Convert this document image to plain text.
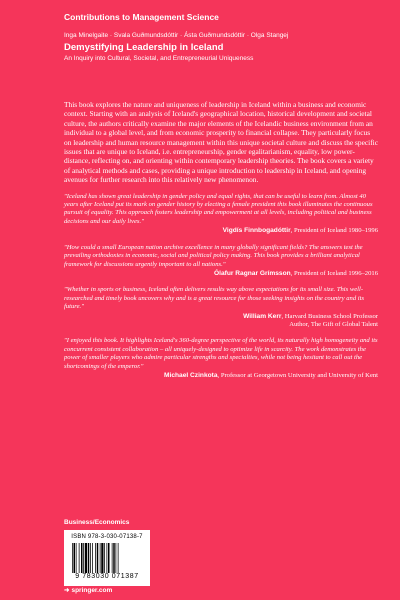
Contributions to Management Science

Inga Minelgaite · Svala Guðmundsdóttir · Ásta Guðmundsdóttir · Olga Stangej

Demystifying Leadership in Iceland

An Inquiry into Cultural, Societal, and Entrepreneurial Uniqueness

This book explores the nature and uniqueness of leadership in Iceland within a business and economic context. Starting with an analysis of Iceland's geographical location, historical development and societal culture, the authors critically examine the major elements of the Icelandic business environment from an individual to a global level, and from economic prosperity to financial collapse. They particularly focus on leadership and human resource management within this unique societal culture and discuss the specific issues that are unique to Iceland, i.e. entrepreneurship, gender egalitarianism, equality, low power-distance, reflecting on, and orienting within contemporary leadership theories. The book covers a variety of analytical methods and cases, providing a unique introduction to leadership in Iceland, and opening avenues for further research into this relatively new phenomenon.

"Iceland has shown great leadership in gender policy and equal rights, that can be useful to learn from. Almost 40 years after Iceland put its mark on gender history by electing a female president this book illuminates the continuous pursuit of equality. This approach fosters leadership and empowerment at all levels, including political and business decisions and our daily lives."

Vigdís Finnbogadóttir, President of Iceland 1980–1996

"How could a small European nation archive excellence in many globally significant fields? The answers test the prevailing orthodoxies in economic, social and political policy making. This book provides a brilliant analytical framework for discussions urgently important to all nations."

Ólafur Ragnar Grímsson, President of Iceland 1996–2016

"Whether in sports or business, Iceland often delivers results way above expectations for its small size. This well-researched and timely book uncovers why and is a great resource for those seeking insights on the country and its future."

William Kerr, Harvard Business School Professor
Author, The Gift of Global Talent

"I enjoyed this book. It highlights Iceland's 360-degree perspective of the world, its naturally high homogeneity and its concurrent consistent collaboration – all uniquely-designed to optimize life in scarcity. The work demonstrates the power of smaller players who admire particular strengths and specialties, while not being hesitant to call out the shortcomings of the emperor."

Michael Czinkota, Professor at Georgetown University and University of Kent

Business/Economics
ISBN 978-3-030-07138-7
9 783030 071387
➜ springer.com
